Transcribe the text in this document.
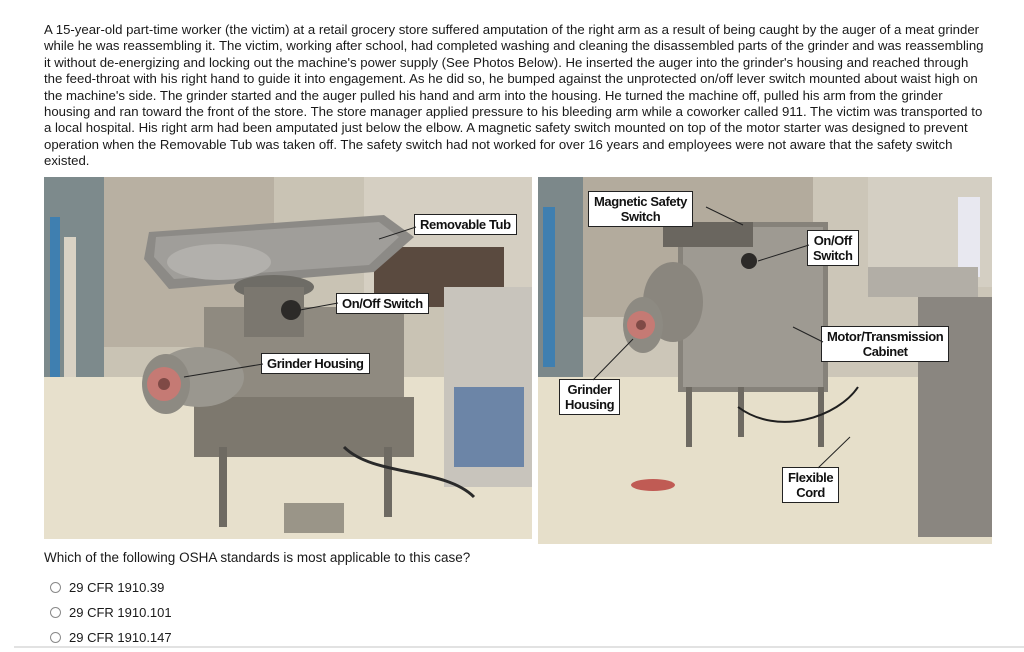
A 15-year-old part-time worker (the victim) at a retail grocery store suffered amputation of the right arm as a result of being caught by the auger of a meat grinder while he was reassembling it. The victim, working after school, had completed washing and cleaning the disassembled parts of the grinder and was reassembling it without de-energizing and locking out the machine's power supply (See Photos Below). He inserted the auger into the grinder's housing and reached through the feed-throat with his right hand to guide it into engagement. As he did so, he bumped against the unprotected on/off lever switch mounted about waist high on the machine's side. The grinder started and the auger pulled his hand and arm into the housing. He turned the machine off, pulled his arm from the grinder housing and ran toward the front of the store. The store manager applied pressure to his bleeding arm while a coworker called 911. The victim was transported to a local hospital. His right arm had been amputated just below the elbow. A magnetic safety switch mounted on top of the motor starter was designed to prevent operation when the Removable Tub was taken off. The safety switch had not worked for over 16 years and employees were not aware that the safety switch existed.

Removable Tub
On/Off Switch
Grinder Housing
Magnetic Safety
Switch
On/Off
Switch
Motor/Transmission
Cabinet
Grinder
Housing
Flexible
Cord

Which of the following OSHA standards is most applicable to this case?

29 CFR 1910.39
29 CFR 1910.101
29 CFR 1910.147
